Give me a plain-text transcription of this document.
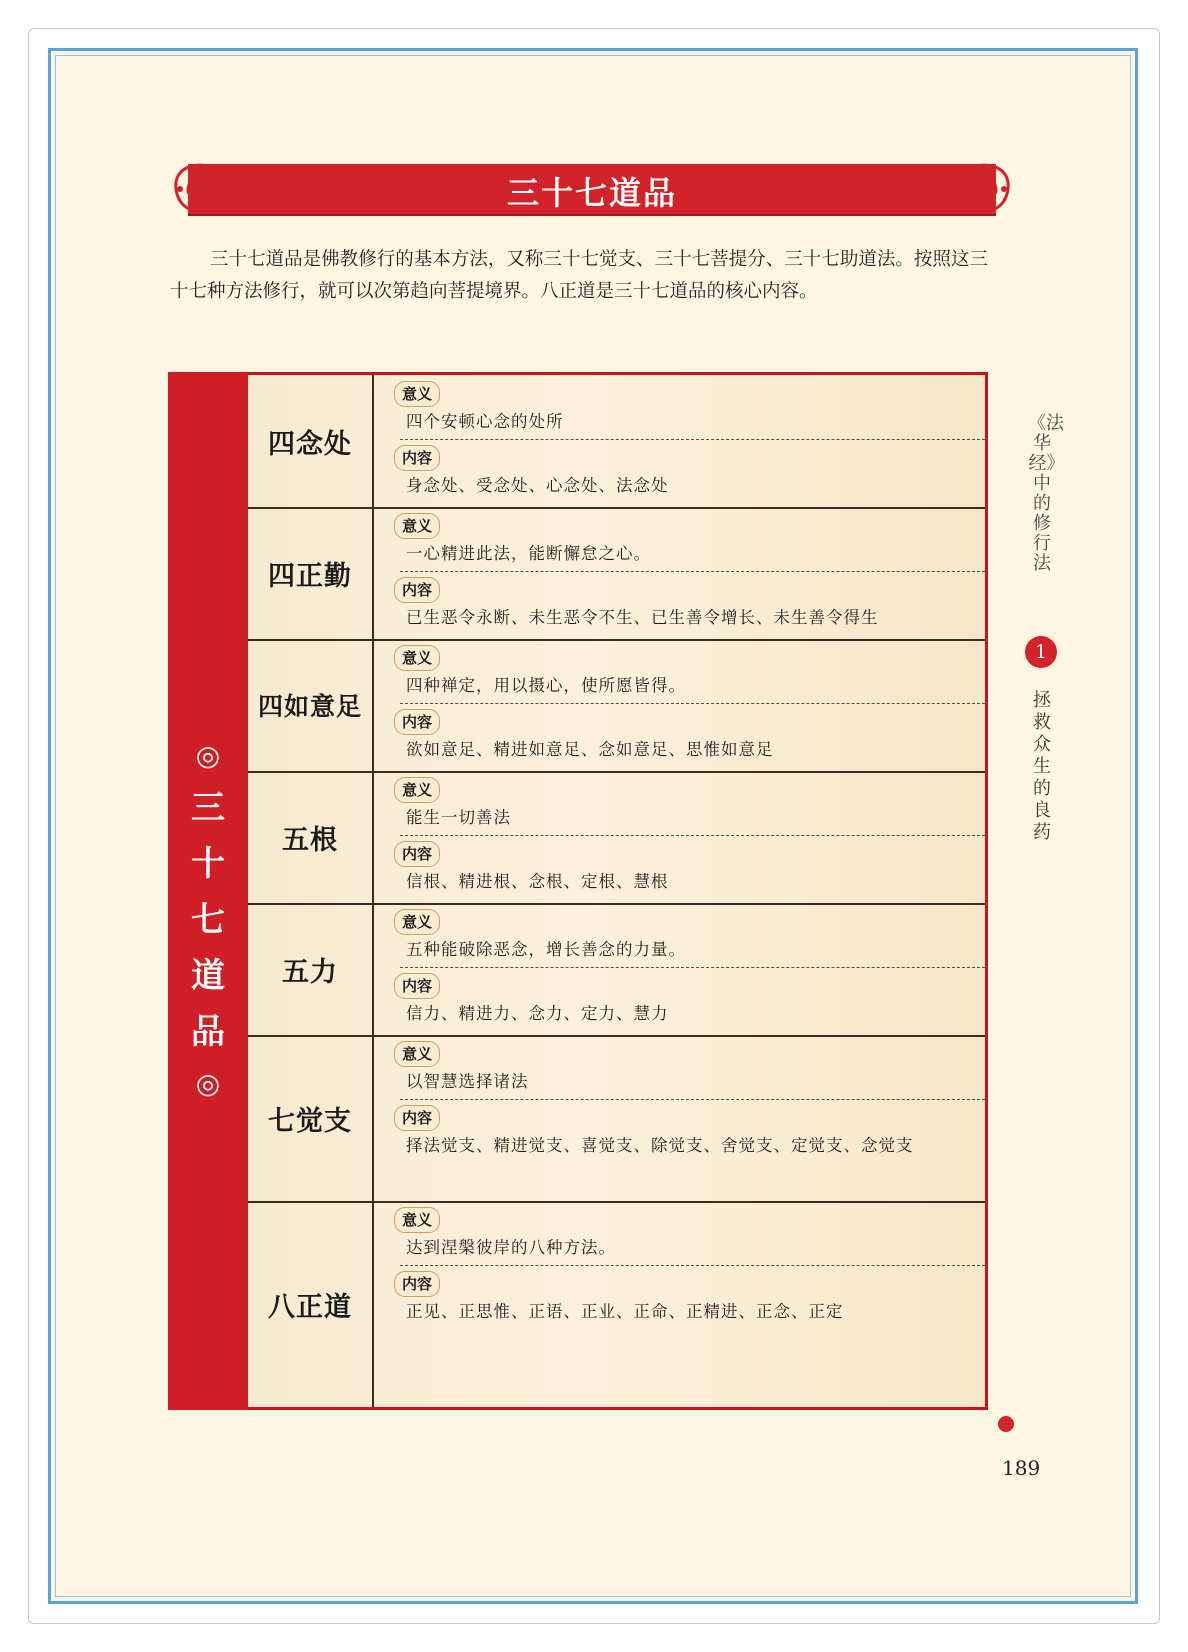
三十七道品
三十七道品是佛教修行的基本方法，又称三十七觉支、三十七菩提分、三十七助道法。按照这三十七种方法修行，就可以次第趋向菩提境界。八正道是三十七道品的核心内容。
◎
三
十
七
道
品
◎
四念处
意义
四个安顿心念的处所
内容
身念处、受念处、心念处、法念处
四正勤
意义
一心精进此法，能断懈怠之心。
内容
已生恶令永断、未生恶令不生、已生善令增长、未生善令得生
四如意足
意义
四种禅定，用以摄心，使所愿皆得。
内容
欲如意足、精进如意足、念如意足、思惟如意足
五根
意义
能生一切善法
内容
信根、精进根、念根、定根、慧根
五力
意义
五种能破除恶念，增长善念的力量。
内容
信力、精进力、念力、定力、慧力
七觉支
意义
以智慧选择诸法
内容
择法觉支、精进觉支、喜觉支、除觉支、舍觉支、定觉支、念觉支
八正道
意义
达到涅槃彼岸的八种方法。
内容
正见、正思惟、正语、正业、正命、正精进、正念、正定
《法华经》中的修行法
1
拯救众生的良药
189
